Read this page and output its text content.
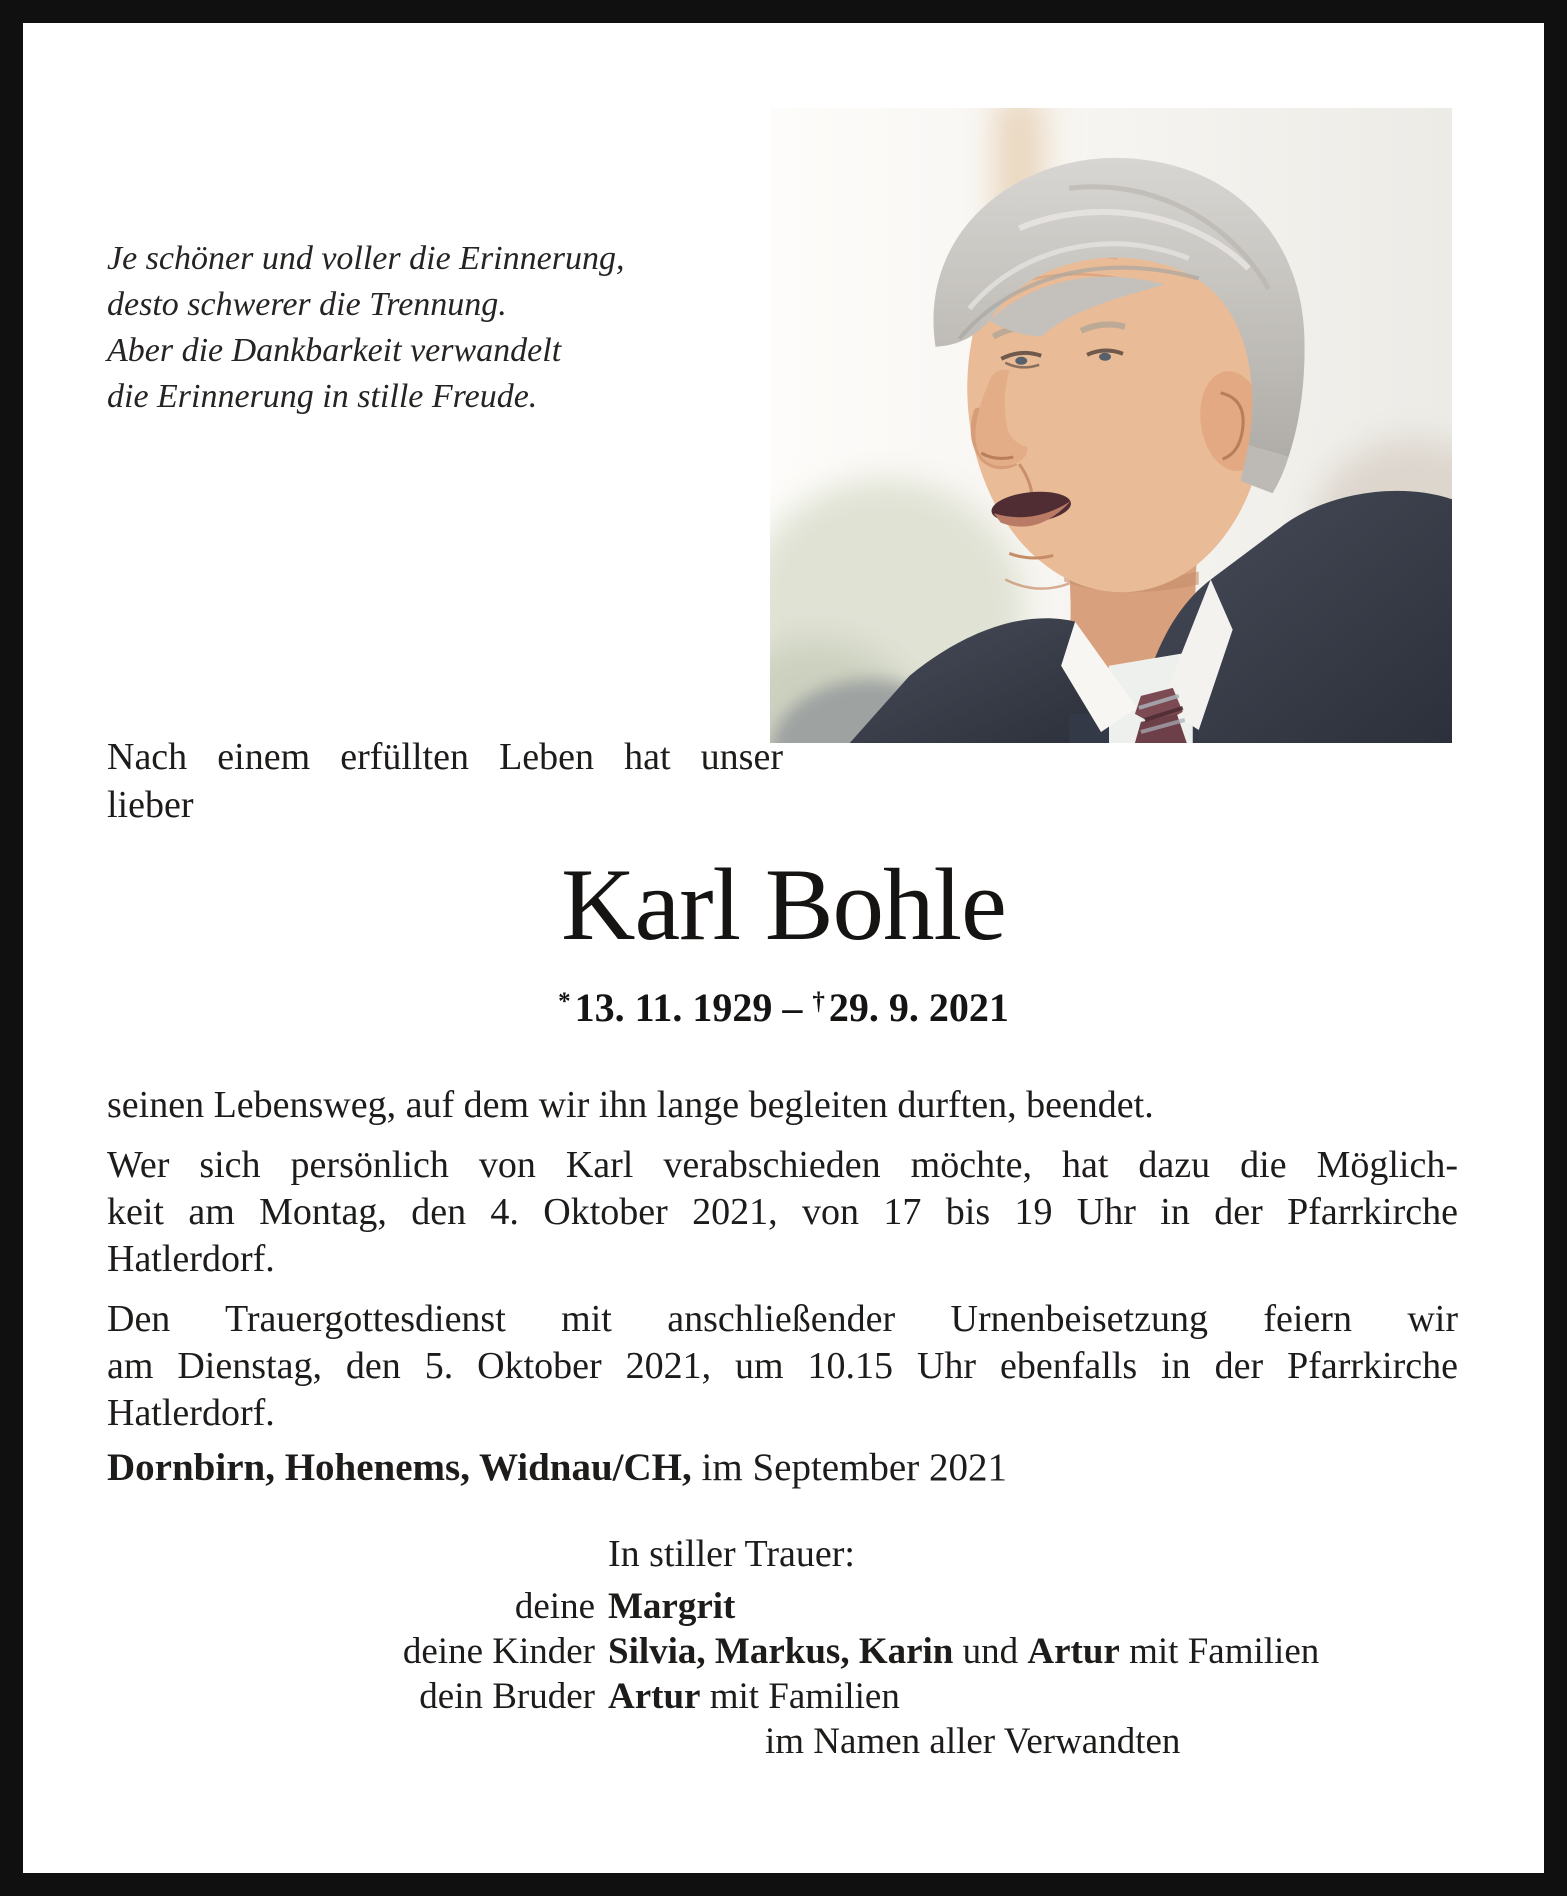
Je schöner und voller die Erinnerung,
desto schwerer die Trennung.
Aber die Dankbarkeit verwandelt
die Erinnerung in stille Freude.
Nach einem erfüllten Leben hat unser
lieber
Karl Bohle
* 13. 11. 1929 – † 29. 9. 2021
seinen Lebensweg, auf dem wir ihn lange begleiten durften, beendet.
Wer sich persönlich von Karl verabschieden möchte, hat dazu die Möglich-
keit am Montag, den 4. Oktober 2021, von 17 bis 19 Uhr in der Pfarrkirche
Hatlerdorf.
Den Trauergottesdienst mit anschließender Urnenbeisetzung feiern wir
am Dienstag, den 5. Oktober 2021, um 10.15 Uhr ebenfalls in der Pfarrkirche
Hatlerdorf.
Dornbirn, Hohenems, Widnau/CH, im September 2021
In stiller Trauer:
deine Margrit
deine Kinder Silvia, Markus, Karin und Artur mit Familien
dein Bruder Artur mit Familien
im Namen aller Verwandten
